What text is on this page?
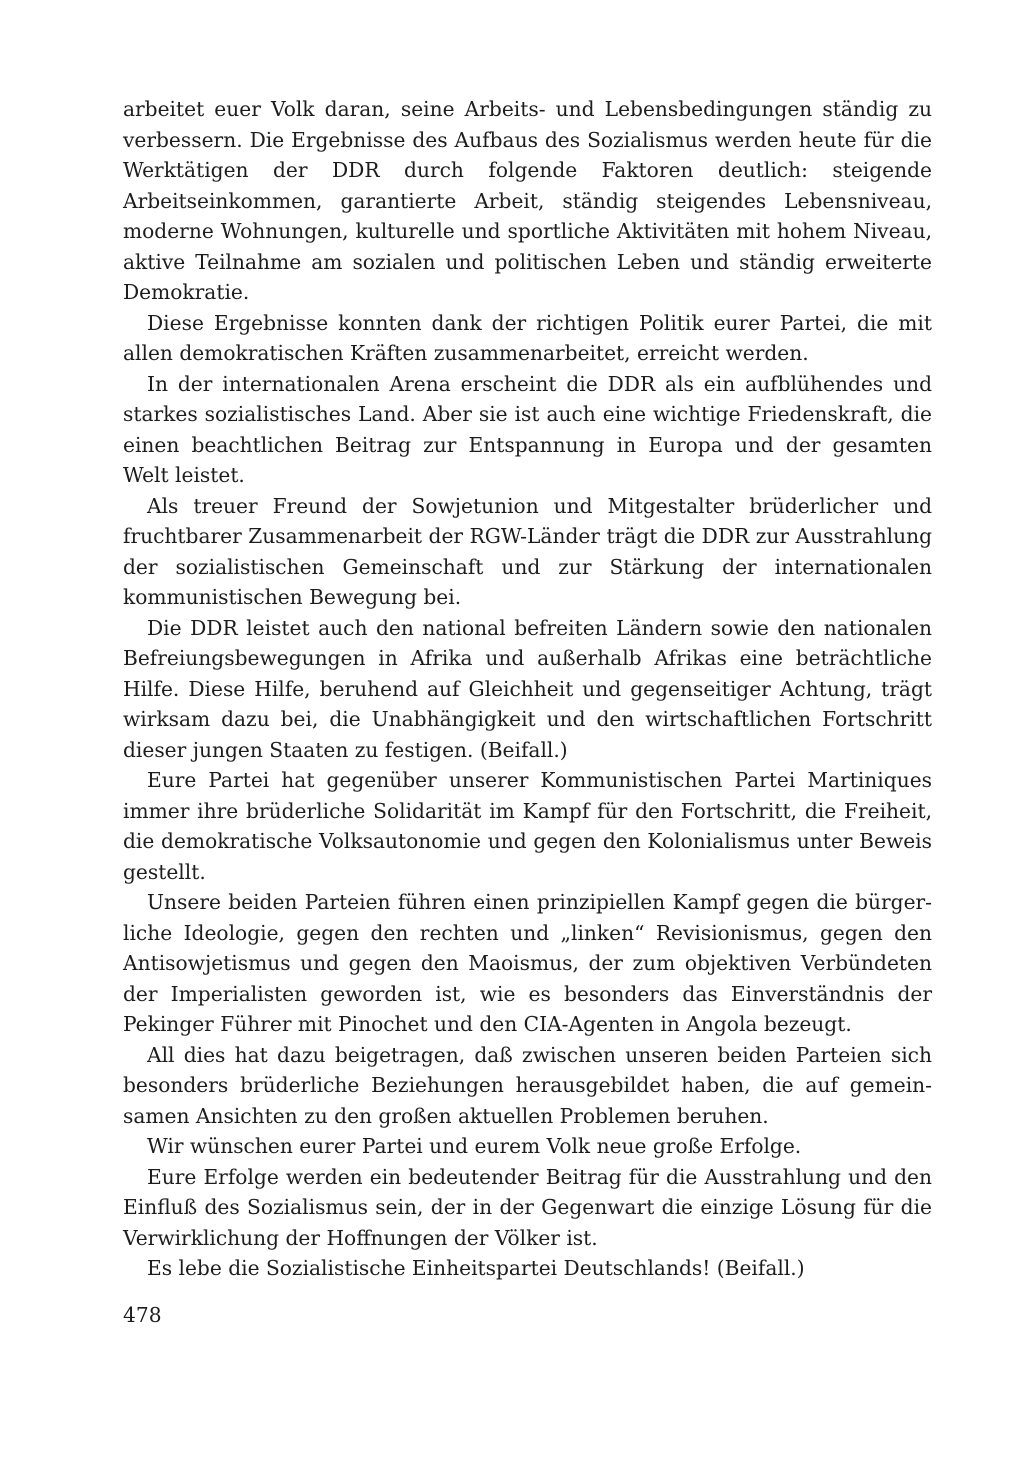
arbeitet euer Volk daran, seine Arbeits- und Lebensbedingungen ständig zu verbessern. Die Ergebnisse des Aufbaus des Sozialismus werden heute für die Werktätigen der DDR durch folgende Faktoren deutlich: steigende Arbeitseinkommen, garantierte Arbeit, ständig steigendes Lebensniveau, moderne Wohnungen, kulturelle und sportliche Aktivitäten mit hohem Niveau, aktive Teilnahme am sozialen und politischen Leben und ständig erweiterte Demokratie.

Diese Ergebnisse konnten dank der richtigen Politik eurer Partei, die mit allen demokratischen Kräften zusammenarbeitet, erreicht werden.

In der internationalen Arena erscheint die DDR als ein aufblühendes und starkes sozialistisches Land. Aber sie ist auch eine wichtige Friedenskraft, die einen beachtlichen Beitrag zur Entspannung in Europa und der gesamten Welt leistet.

Als treuer Freund der Sowjetunion und Mitgestalter brüderlicher und fruchtbarer Zusammenarbeit der RGW-Länder trägt die DDR zur Ausstrahlung der sozialistischen Gemeinschaft und zur Stärkung der internationalen kommunistischen Bewegung bei.

Die DDR leistet auch den national befreiten Ländern sowie den nationalen Befreiungsbewegungen in Afrika und außerhalb Afrikas eine beträchtliche Hilfe. Diese Hilfe, beruhend auf Gleichheit und gegenseitiger Achtung, trägt wirksam dazu bei, die Unabhängigkeit und den wirtschaftlichen Fortschritt dieser jungen Staaten zu festigen. (Beifall.)

Eure Partei hat gegenüber unserer Kommunistischen Partei Martiniques immer ihre brüderliche Solidarität im Kampf für den Fortschritt, die Freiheit, die demokratische Volksautonomie und gegen den Kolonialismus unter Beweis gestellt.

Unsere beiden Parteien führen einen prinzipiellen Kampf gegen die bürgerliche Ideologie, gegen den rechten und „linken“ Revisionismus, gegen den Antisowjetismus und gegen den Maoismus, der zum objektiven Verbündeten der Imperialisten geworden ist, wie es besonders das Einverständnis der Pekinger Führer mit Pinochet und den CIA-Agenten in Angola bezeugt.

All dies hat dazu beigetragen, daß zwischen unseren beiden Parteien sich besonders brüderliche Beziehungen herausgebildet haben, die auf gemeinsamen Ansichten zu den großen aktuellen Problemen beruhen.

Wir wünschen eurer Partei und eurem Volk neue große Erfolge.

Eure Erfolge werden ein bedeutender Beitrag für die Ausstrahlung und den Einfluß des Sozialismus sein, der in der Gegenwart die einzige Lösung für die Verwirklichung der Hoffnungen der Völker ist.

Es lebe die Sozialistische Einheitspartei Deutschlands! (Beifall.)

478
